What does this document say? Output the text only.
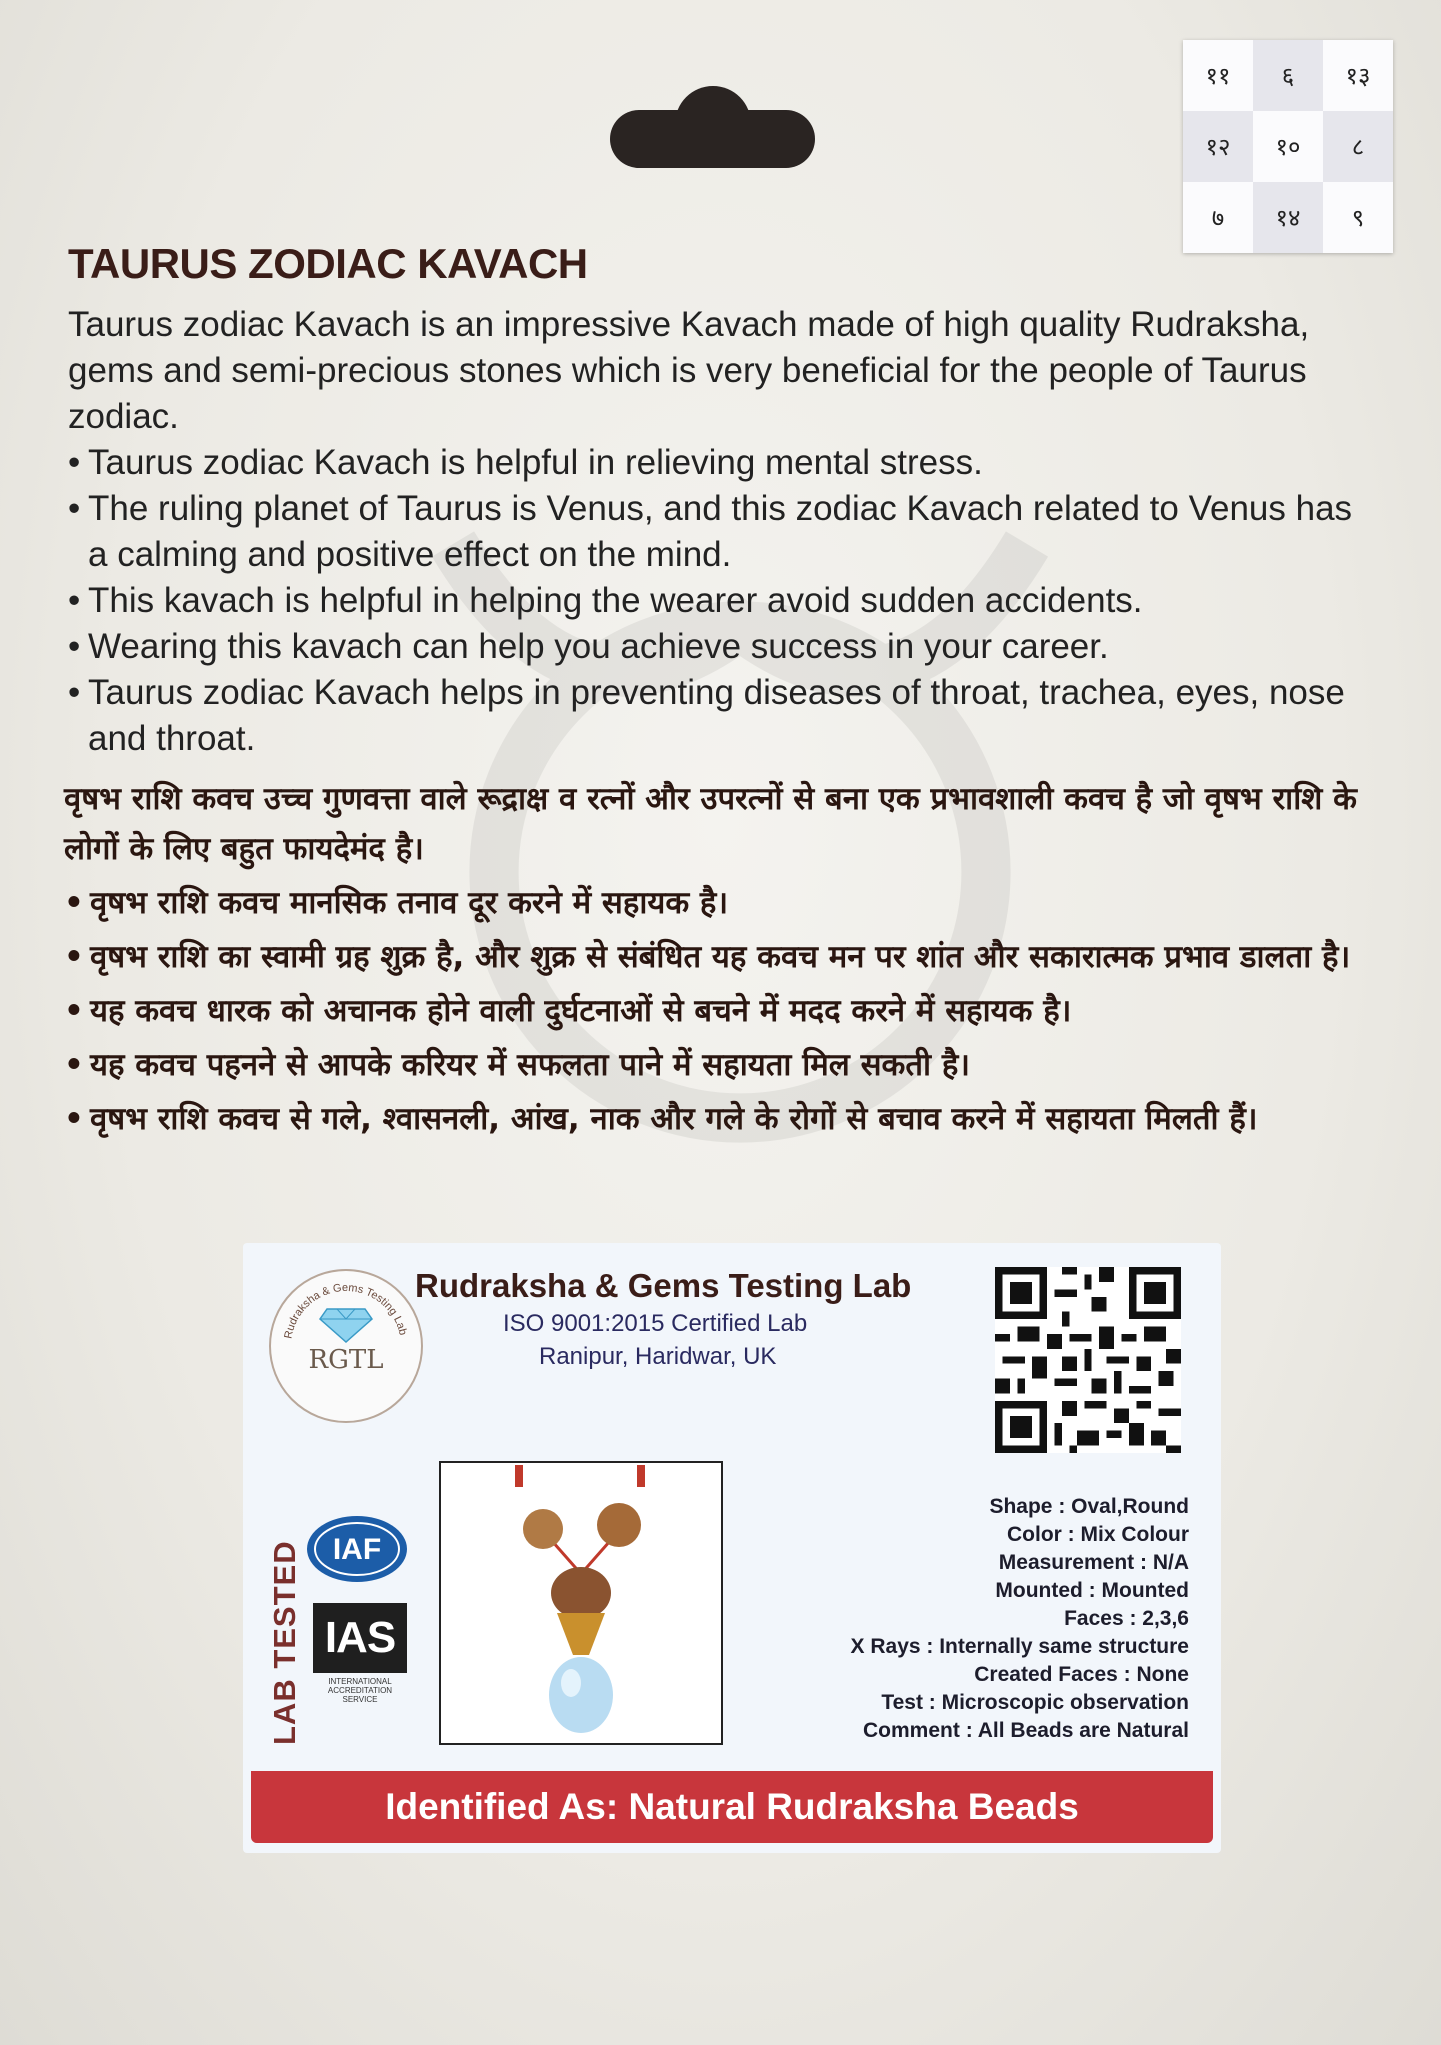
११	६	१३
१२	१०	८
७	१४	९
TAURUS ZODIAC KAVACH

Taurus zodiac Kavach is an impressive Kavach made of high quality Rudraksha, gems and semi-precious stones which is very beneficial for the people of Taurus zodiac.

• Taurus zodiac Kavach is helpful in relieving mental stress.
• The ruling planet of Taurus is Venus, and this zodiac Kavach related to Venus has a calming and positive effect on the mind.
• This kavach is helpful in helping the wearer avoid sudden accidents.
• Wearing this kavach can help you achieve success in your career.
• Taurus zodiac Kavach helps in preventing diseases of throat, trachea, eyes, nose and throat.

वृषभ राशि कवच उच्च गुणवत्ता वाले रूद्राक्ष व रत्नों और उपरत्नों से बना एक प्रभावशाली कवच है जो वृषभ राशि के लोगों के लिए बहुत फायदेमंद है।

• वृषभ राशि कवच मानसिक तनाव दूर करने में सहायक है।
• वृषभ राशि का स्वामी ग्रह शुक्र है, और शुक्र से संबंधित यह कवच मन पर शांत और सकारात्मक प्रभाव डालता है।
• यह कवच धारक को अचानक होने वाली दुर्घटनाओं से बचने में मदद करने में सहायक है।
• यह कवच पहनने से आपके करियर में सफलता पाने में सहायता मिल सकती है।
• वृषभ राशि कवच से गले, श्वासनली, आंख, नाक और गले के रोगों से बचाव करने में सहायता मिलती हैं।
Rudraksha & Gems Testing Lab
RGTL
Rudraksha & Gems Testing Lab
ISO 9001:2015 Certified Lab
Ranipur, Haridwar, UK
LAB TESTED IAF
IAS
INTERNATIONAL ACCREDITATION SERVICE
Shape : Oval,Round
Color : Mix Colour
Measurement : N/A
Mounted : Mounted
Faces : 2,3,6
X Rays : Internally same structure
Created Faces : None
Test : Microscopic observation
Comment : All Beads are Natural
Identified As: Natural Rudraksha Beads
